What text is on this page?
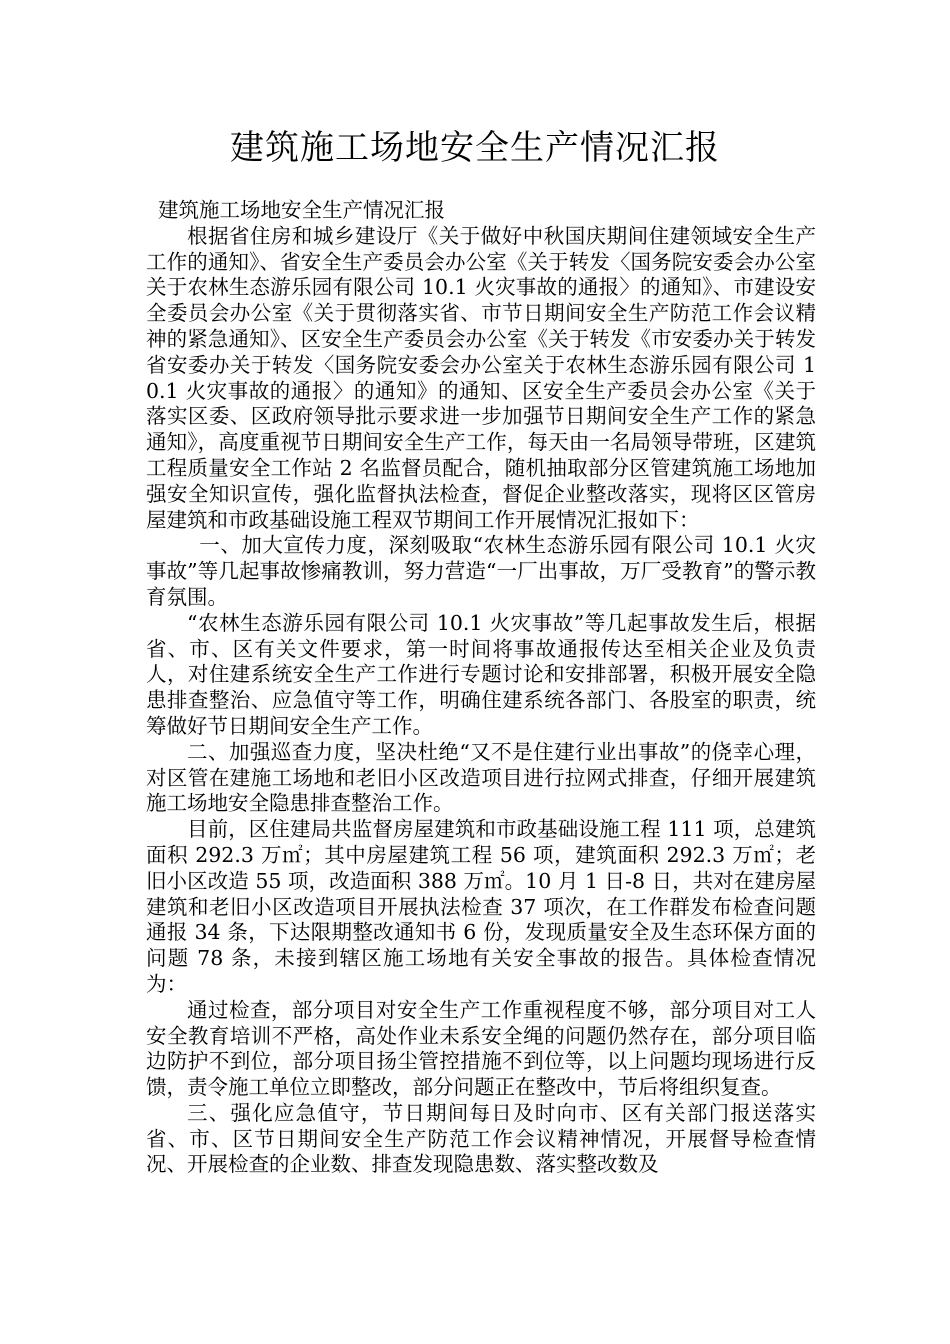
建筑施工场地安全生产情况汇报

建筑施工场地安全生产情况汇报

根据省住房和城乡建设厅《关于做好中秋国庆期间住建领域安全生产工作的通知》、省安全生产委员会办公室《关于转发〈国务院安委会办公室关于农林生态游乐园有限公司 10.1 火灾事故的通报〉的通知》、市建设安全委员会办公室《关于贯彻落实省、市节日期间安全生产防范工作会议精神的紧急通知》、区安全生产委员会办公室《关于转发《市安委办关于转发省安委办关于转发〈国务院安委会办公室关于农林生态游乐园有限公司 10.1 火灾事故的通报〉的通知》的通知、区安全生产委员会办公室《关于落实区委、区政府领导批示要求进一步加强节日期间安全生产工作的紧急通知》，高度重视节日期间安全生产工作，每天由一名局领导带班，区建筑工程质量安全工作站 2 名监督员配合，随机抽取部分区管建筑施工场地加强安全知识宣传，强化监督执法检查，督促企业整改落实，现将区区管房屋建筑和市政基础设施工程双节期间工作开展情况汇报如下：

一、加大宣传力度，深刻吸取“农林生态游乐园有限公司 10.1 火灾事故”等几起事故惨痛教训，努力营造“一厂出事故，万厂受教育”的警示教育氛围。

“农林生态游乐园有限公司 10.1 火灾事故”等几起事故发生后，根据省、市、区有关文件要求，第一时间将事故通报传达至相关企业及负责人，对住建系统安全生产工作进行专题讨论和安排部署，积极开展安全隐患排查整治、应急值守等工作，明确住建系统各部门、各股室的职责，统筹做好节日期间安全生产工作。

二、加强巡查力度，坚决杜绝“又不是住建行业出事故”的侥幸心理，对区管在建施工场地和老旧小区改造项目进行拉网式排查，仔细开展建筑施工场地安全隐患排查整治工作。

目前，区住建局共监督房屋建筑和市政基础设施工程 111 项，总建筑面积 292.3 万㎡；其中房屋建筑工程 56 项，建筑面积 292.3 万㎡；老旧小区改造 55 项，改造面积 388 万㎡。10 月 1 日-8 日，共对在建房屋建筑和老旧小区改造项目开展执法检查 37 项次，在工作群发布检查问题通报 34 条，下达限期整改通知书 6 份，发现质量安全及生态环保方面的问题 78 条，未接到辖区施工场地有关安全事故的报告。具体检查情况为：

通过检查，部分项目对安全生产工作重视程度不够，部分项目对工人安全教育培训不严格，高处作业未系安全绳的问题仍然存在，部分项目临边防护不到位，部分项目扬尘管控措施不到位等，以上问题均现场进行反馈，责令施工单位立即整改，部分问题正在整改中，节后将组织复查。

三、强化应急值守，节日期间每日及时向市、区有关部门报送落实省、市、区节日期间安全生产防范工作会议精神情况，开展督导检查情况、开展检查的企业数、排查发现隐患数、落实整改数及
